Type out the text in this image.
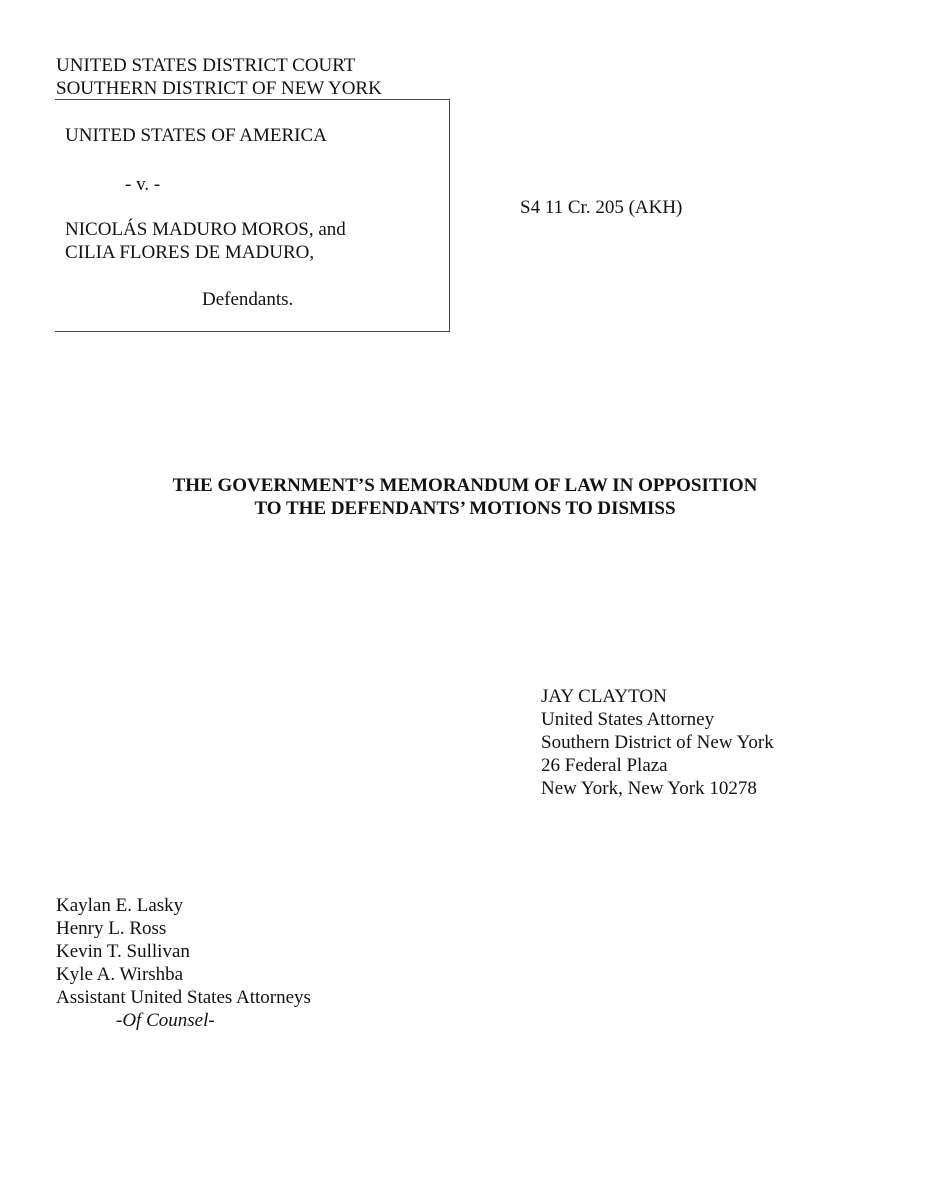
UNITED STATES DISTRICT COURT
SOUTHERN DISTRICT OF NEW YORK
UNITED STATES OF AMERICA
- v. -
NICOLÁS MADURO MOROS, and
CILIA FLORES DE MADURO,
Defendants.
S4 11 Cr. 205 (AKH)
THE GOVERNMENT’S MEMORANDUM OF LAW IN OPPOSITION
TO THE DEFENDANTS’ MOTIONS TO DISMISS
JAY CLAYTON
United States Attorney
Southern District of New York
26 Federal Plaza
New York, New York 10278
Kaylan E. Lasky
Henry L. Ross
Kevin T. Sullivan
Kyle A. Wirshba
Assistant United States Attorneys
-Of Counsel-
